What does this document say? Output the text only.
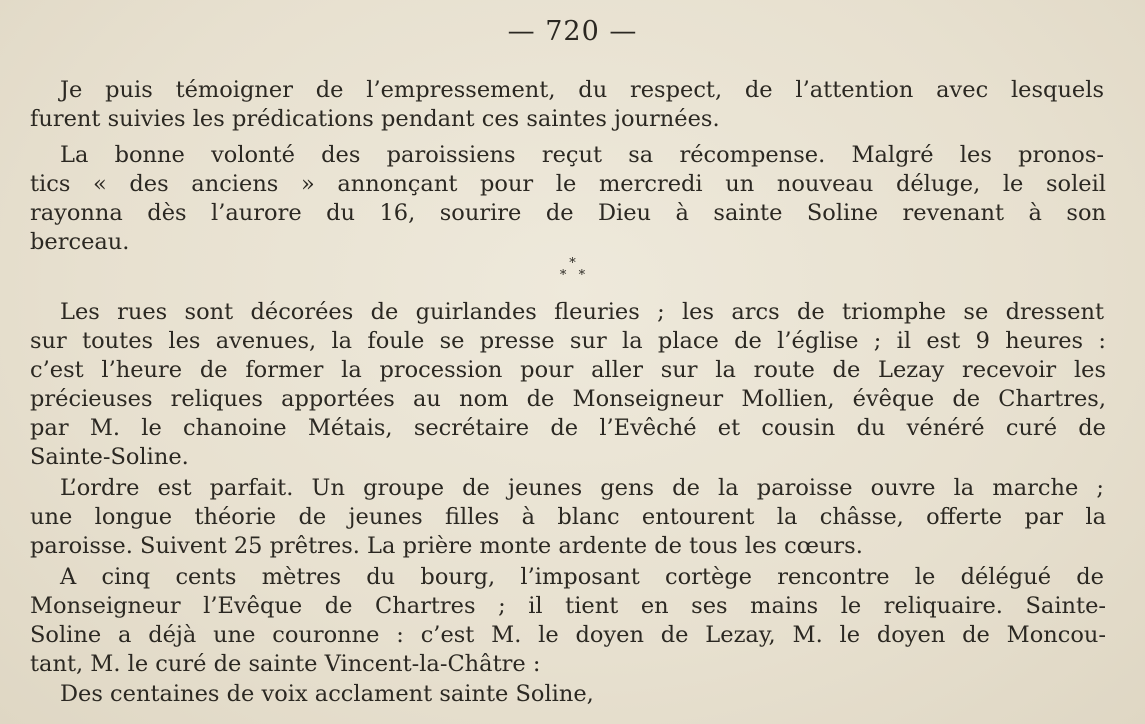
— 720 —
Je puis témoigner de l’empressement, du respect, de l’attention avec lesquels
furent suivies les prédications pendant ces saintes journées.
La bonne volonté des paroissiens reçut sa récompense. Malgré les pronos-
tics « des anciens » annonçant pour le mercredi un nouveau déluge, le soleil
rayonna dès l’aurore du 16, sourire de Dieu à sainte Soline revenant à son
berceau.
*
* *
Les rues sont décorées de guirlandes fleuries ; les arcs de triomphe se dressent
sur toutes les avenues, la foule se presse sur la place de l’église ; il est 9 heures :
c’est l’heure de former la procession pour aller sur la route de Lezay recevoir les
précieuses reliques apportées au nom de Monseigneur Mollien, évêque de Chartres,
par M. le chanoine Métais, secrétaire de l’Evêché et cousin du vénéré curé de
Sainte-Soline.
L’ordre est parfait. Un groupe de jeunes gens de la paroisse ouvre la marche ;
une longue théorie de jeunes filles à blanc entourent la châsse, offerte par la
paroisse. Suivent 25 prêtres. La prière monte ardente de tous les cœurs.
A cinq cents mètres du bourg, l’imposant cortège rencontre le délégué de
Monseigneur l’Evêque de Chartres ; il tient en ses mains le reliquaire. Sainte-
Soline a déjà une couronne : c’est M. le doyen de Lezay, M. le doyen de Moncou-
tant, M. le curé de sainte Vincent-la-Châtre :
Des centaines de voix acclament sainte Soline,
